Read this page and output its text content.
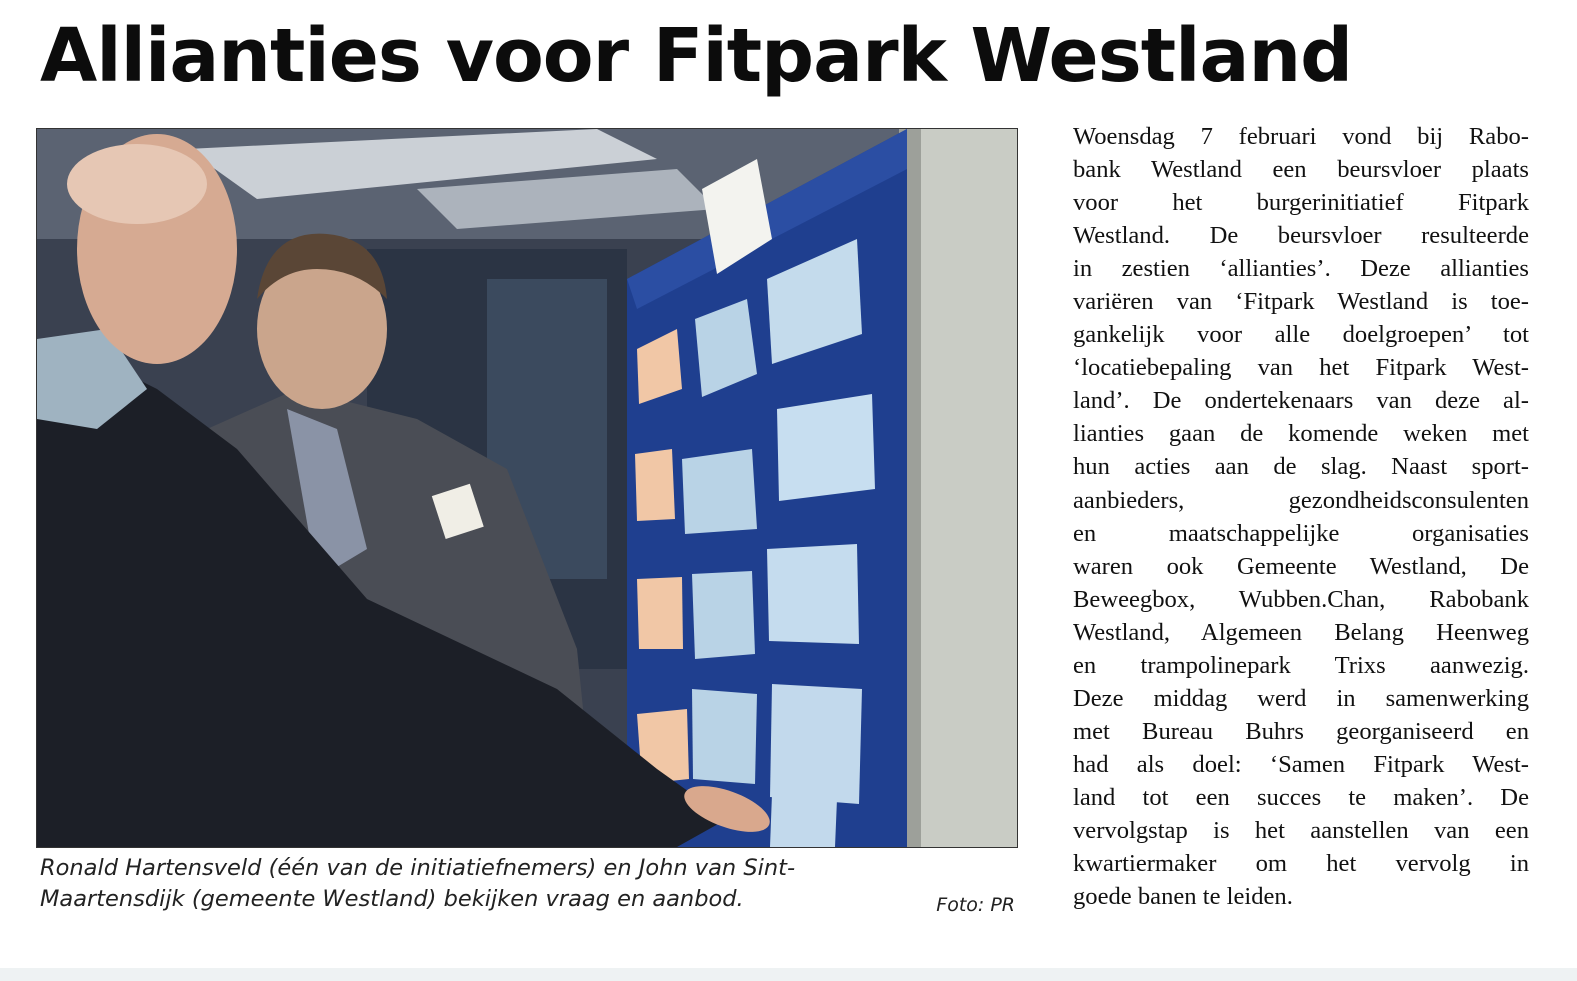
Allianties voor Fitpark Westland
Ronald Hartensveld (één van de initiatiefnemers) en John van Sint-Maartensdijk (gemeente Westland) bekijken vraag en aanbod.	Foto: PR
Woensdag 7 februari vond bij Rabo-
bank Westland een beursvloer plaats
voor het burgerinitiatief Fitpark
Westland. De beursvloer resulteerde
in zestien ‘allianties’. Deze allianties
variëren van ‘Fitpark Westland is toe-
gankelijk voor alle doelgroepen’ tot
‘locatiebepaling van het Fitpark West-
land’. De ondertekenaars van deze al-
lianties gaan de komende weken met
hun acties aan de slag. Naast sport-
aanbieders, gezondheidsconsulenten
en maatschappelijke organisaties
waren ook Gemeente Westland, De
Beweegbox, Wubben.Chan, Rabobank
Westland, Algemeen Belang Heenweg
en trampolinepark Trixs aanwezig.
Deze middag werd in samenwerking
met Bureau Buhrs georganiseerd en
had als doel: ‘Samen Fitpark West-
land tot een succes te maken’. De
vervolgstap is het aanstellen van een
kwartiermaker om het vervolg in
goede banen te leiden.
